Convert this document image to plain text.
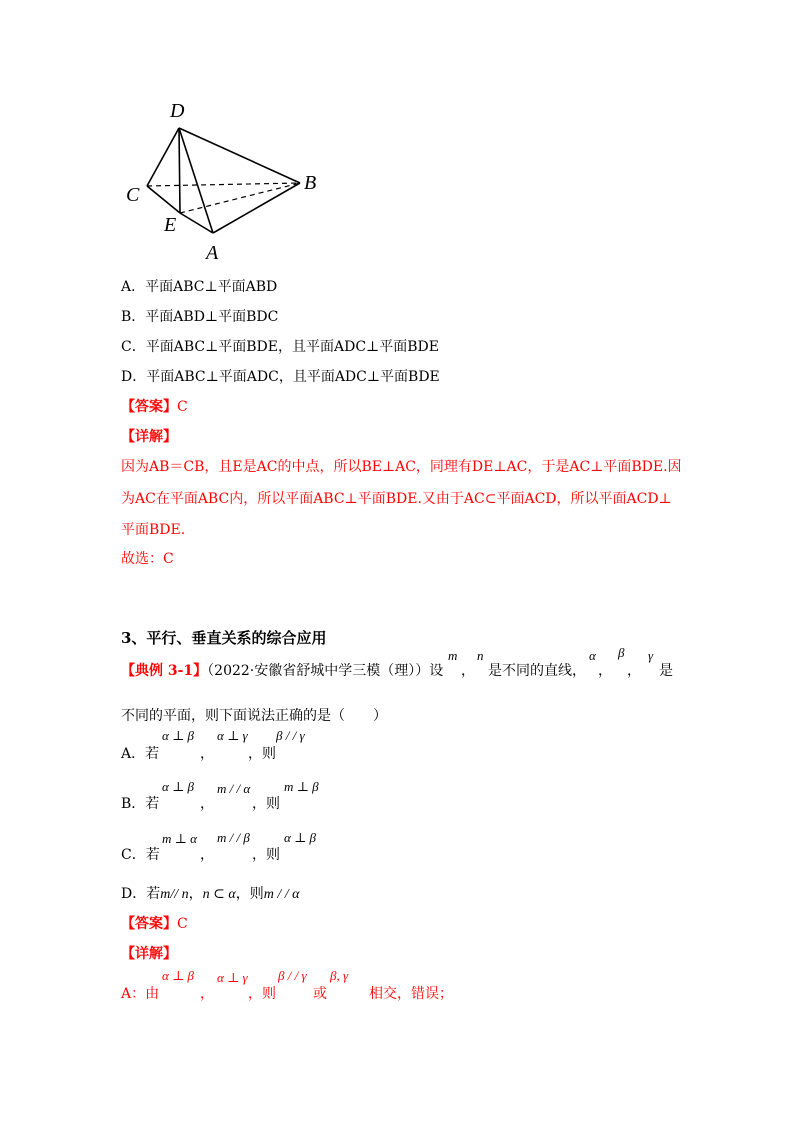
D
C
B
E
A
A．平面ABC⊥平面ABD
B．平面ABD⊥平面BDC
C．平面ABC⊥平面BDE，且平面ADC⊥平面BDE
D．平面ABC⊥平面ADC，且平面ADC⊥平面BDE
【答案】C
【详解】
因为AB＝CB，且E是AC的中点，所以BE⊥AC，同理有DE⊥AC，于是AC⊥平面BDE.因
为AC在平面ABC内，所以平面ABC⊥平面BDE.又由于AC⊂平面ACD，所以平面ACD⊥
平面BDE.
故选：C
3、平行、垂直关系的综合应用
【典例 3-1】（2022·安徽省舒城中学三模（理））设
m
，
n
是不同的直线，
α
，
β
，
γ
是
不同的平面，则下面说法正确的是（　　）
A．若
α ⊥ β
，
α ⊥ γ
，则
β / / γ
B．若
α ⊥ β
，
m / / α
，则
m ⊥ β
C．若
m ⊥ α
，
m / / β
，则
α ⊥ β
D．若m// n，n ⊂ α，则m / / α
【答案】C
【详解】
A：由
α ⊥ β
，
α ⊥ γ
，则
β / / γ
或
β, γ
相交，错误；
